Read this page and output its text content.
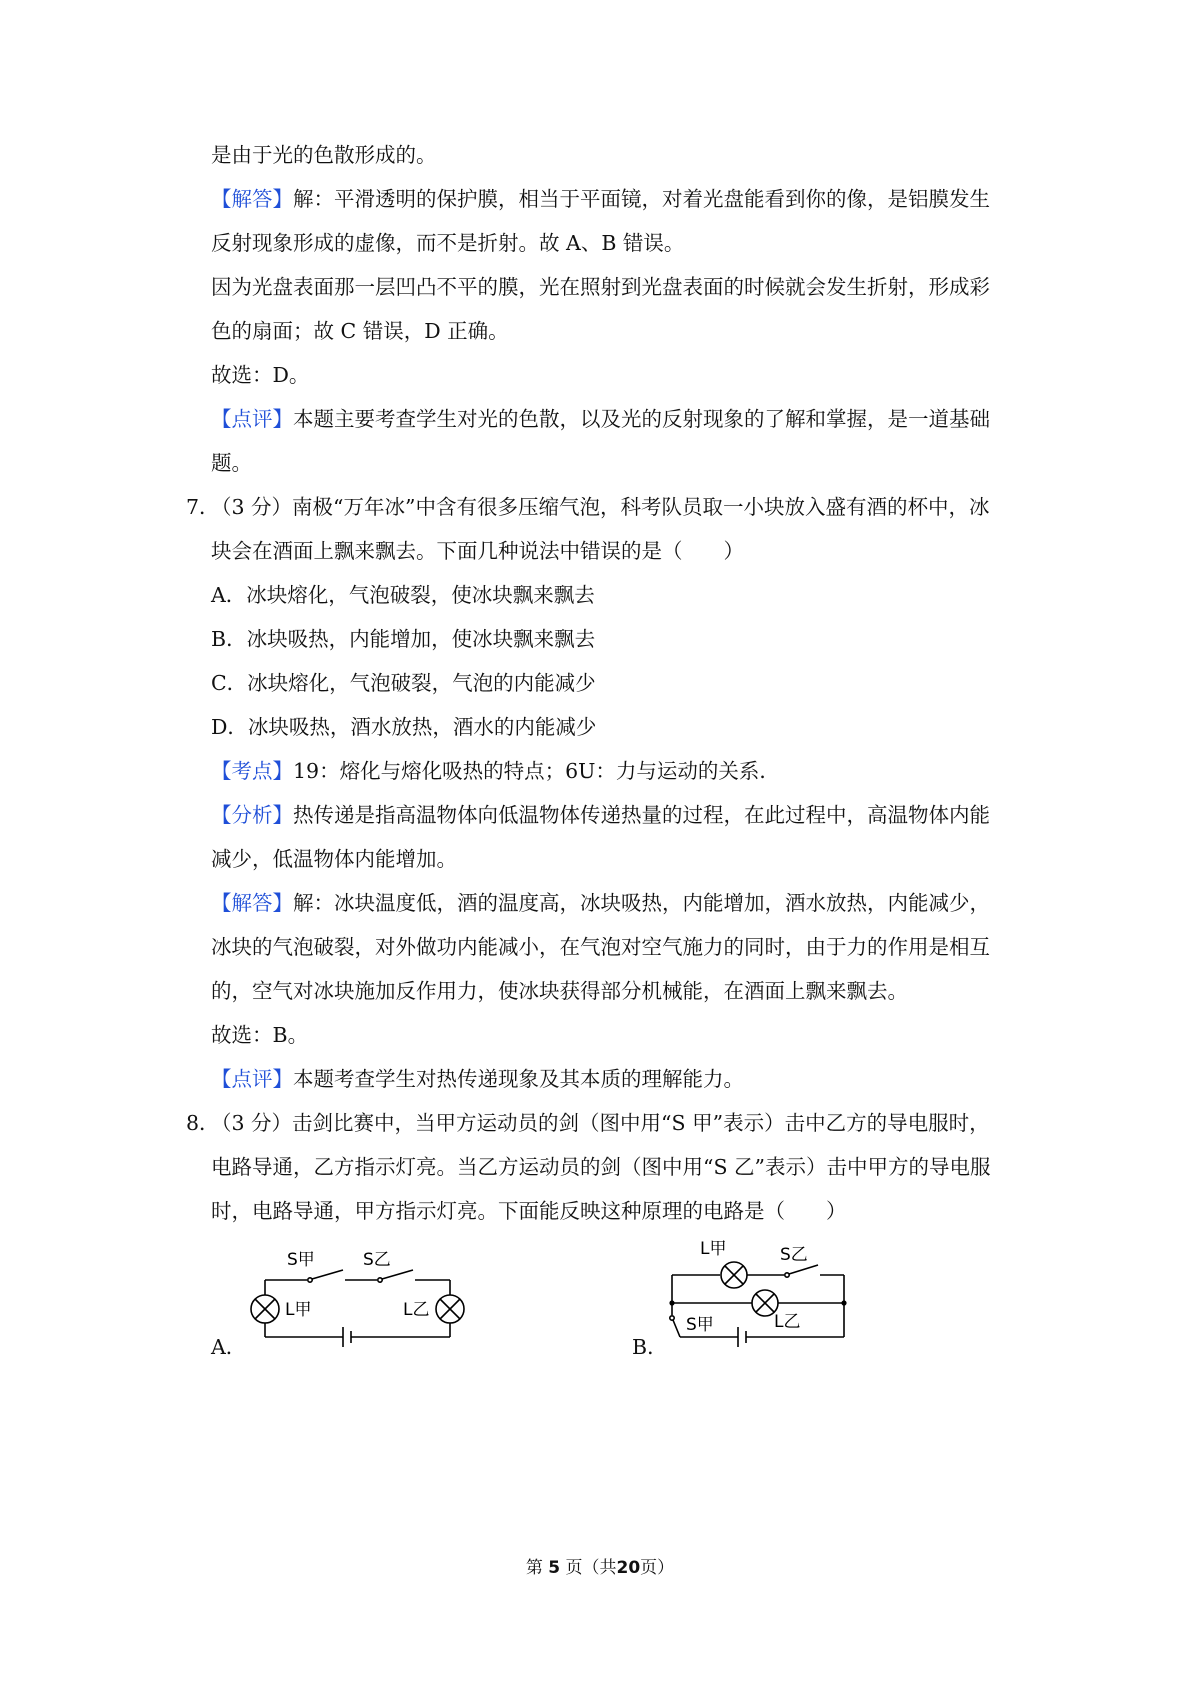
是由于光的色散形成的。
【解答】解：平滑透明的保护膜，相当于平面镜，对着光盘能看到你的像，是铝膜发生
反射现象形成的虚像，而不是折射。故 A、B 错误。
因为光盘表面那一层凹凸不平的膜，光在照射到光盘表面的时候就会发生折射，形成彩
色的扇面；故 C 错误，D 正确。
故选：D。
【点评】本题主要考查学生对光的色散，以及光的反射现象的了解和掌握，是一道基础
题。
7．
（3 分）南极“万年冰”中含有很多压缩气泡，科考队员取一小块放入盛有酒的杯中，冰
块会在酒面上飘来飘去。下面几种说法中错误的是（　　）
A．冰块熔化，气泡破裂，使冰块飘来飘去
B．冰块吸热，内能增加，使冰块飘来飘去
C．冰块熔化，气泡破裂，气泡的内能减少
D．冰块吸热，酒水放热，酒水的内能减少
【考点】19：熔化与熔化吸热的特点；6U：力与运动的关系．
【分析】热传递是指高温物体向低温物体传递热量的过程，在此过程中，高温物体内能
减少，低温物体内能增加。
【解答】解：冰块温度低，酒的温度高，冰块吸热，内能增加，酒水放热，内能减少，
冰块的气泡破裂，对外做功内能减小，在气泡对空气施力的同时，由于力的作用是相互
的，空气对冰块施加反作用力，使冰块获得部分机械能，在酒面上飘来飘去。
故选：B。
【点评】本题考查学生对热传递现象及其本质的理解能力。
8．
（3 分）击剑比赛中，当甲方运动员的剑（图中用“S 甲”表示）击中乙方的导电服时，
电路导通，乙方指示灯亮。当乙方运动员的剑（图中用“S 乙”表示）击中甲方的导电服
时，电路导通，甲方指示灯亮。下面能反映这种原理的电路是（　　）
A．	B．
S甲	S乙
L甲	L乙
L甲	S乙
S甲	L乙
第 5 页（共20页）
